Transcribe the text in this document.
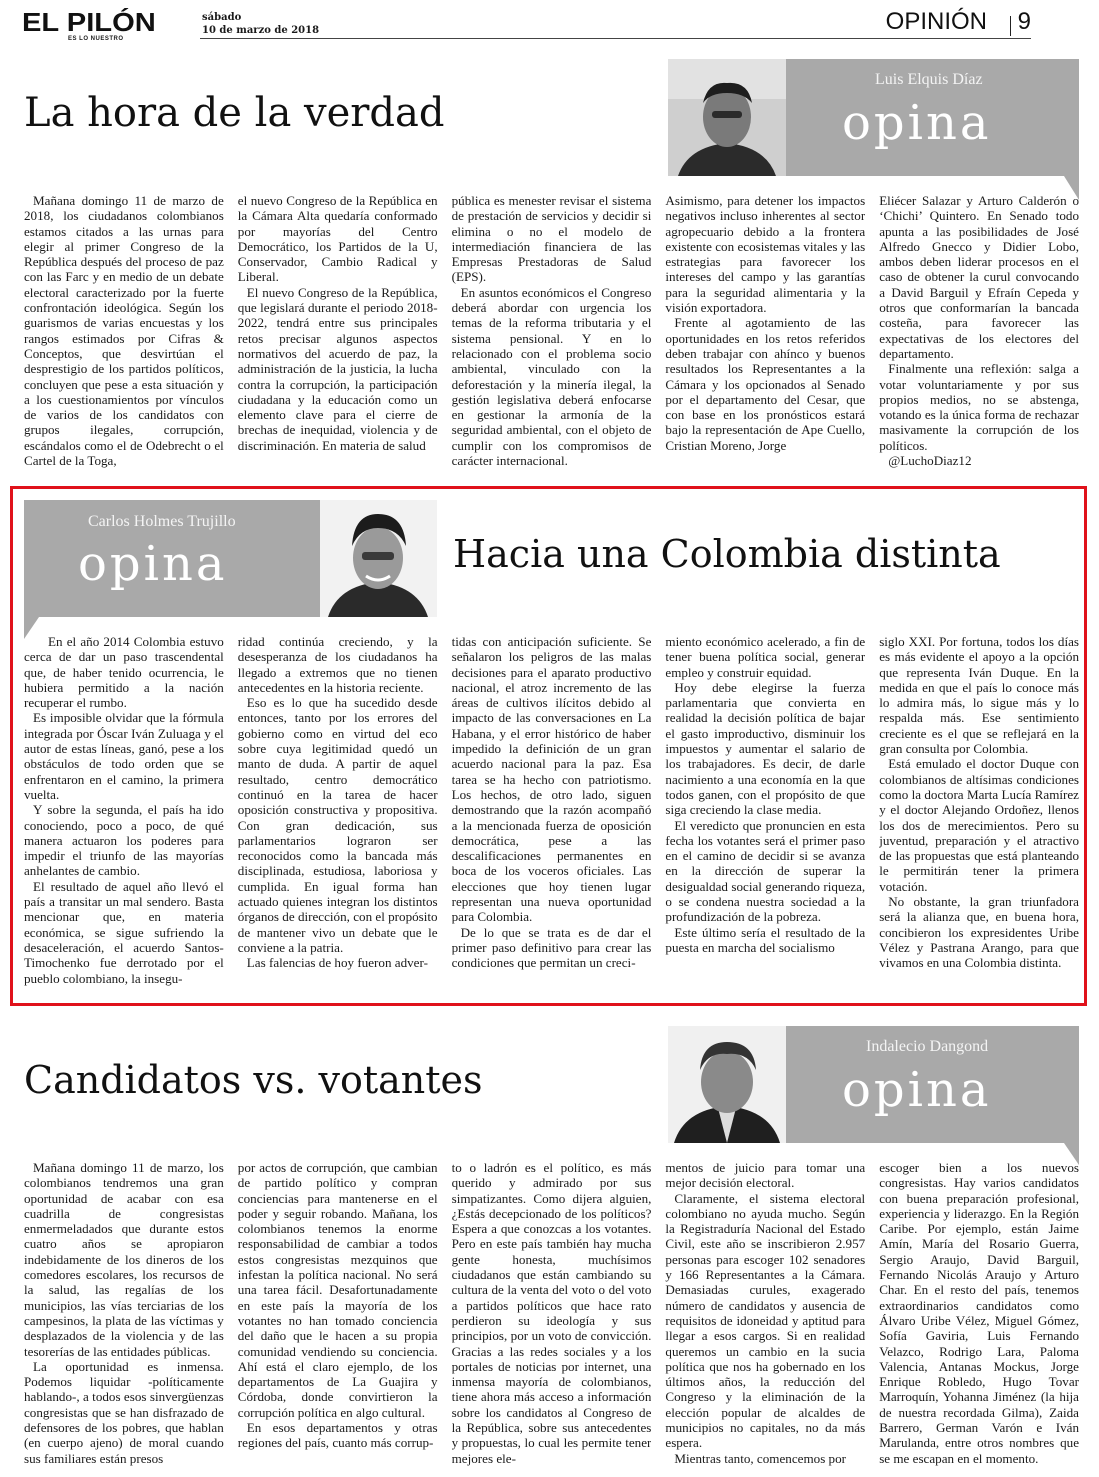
EL PILÓN
ES LO NUESTRO
sábado
10 de marzo de 2018	OPINIÓN 9
La hora de la verdad
Luis Elquis Díaz
opina

Mañana domingo 11 de marzo de 2018, los ciudadanos colombianos estamos citados a las urnas para elegir al primer Congreso de la República después del proceso de paz con las Farc y en medio de un debate electoral caracterizado por la fuerte confrontación ideológica. Según los guarismos de varias encuestas y los rangos estimados por Cifras & Conceptos, que desvirtúan el desprestigio de los partidos políticos, concluyen que pese a esta situación y a los cuestionamientos por vínculos de varios de los candidatos con grupos ilegales, corrupción, escándalos como el de Odebrecht o el Cartel de la Toga,

el nuevo Congreso de la República en la Cámara Alta quedaría conformado por mayorías del Centro Democrático, los Partidos de la U, Conservador, Cambio Radical y Liberal.

El nuevo Congreso de la República, que legislará durante el periodo 2018-2022, tendrá entre sus principales retos precisar algunos aspectos normativos del acuerdo de paz, la administración de la justicia, la lucha contra la corrupción, la participación ciudadana y la educación como un elemento clave para el cierre de brechas de inequidad, violencia y de discriminación. En materia de salud

pública es menester revisar el sistema de prestación de servicios y decidir si elimina o no el modelo de intermediación financiera de las Empresas Prestadoras de Salud (EPS).

En asuntos económicos el Congreso deberá abordar con urgencia los temas de la reforma tributaria y el sistema pensional. Y en lo relacionado con el problema socio ambiental, vinculado con la deforestación y la minería ilegal, la gestión legislativa deberá enfocarse en gestionar la armonía de la seguridad ambiental, con el objeto de cumplir con los compromisos de carácter internacional.

Asimismo, para detener los impactos negativos incluso inherentes al sector agropecuario debido a la frontera existente con ecosistemas vitales y las estrategias para favorecer los intereses del campo y las garantías para la seguridad alimentaria y la visión exportadora.

Frente al agotamiento de las oportunidades en los retos referidos deben trabajar con ahínco y buenos resultados los Representantes a la Cámara y los opcionados al Senado por el departamento del Cesar, que con base en los pronósticos estará bajo la representación de Ape Cuello, Cristian Moreno, Jorge

Eliécer Salazar y Arturo Calderón o ‘Chichi’ Quintero. En Senado todo apunta a las posibilidades de José Alfredo Gnecco y Didier Lobo, ambos deben liderar procesos en el caso de obtener la curul convocando a David Barguil y Efraín Cepeda y otros que conformarían la bancada costeña, para favorecer las expectativas de los electores del departamento.

Finalmente una reflexión: salga a votar voluntariamente y por sus propios medios, no se abstenga, votando es la única forma de rechazar masivamente la corrupción de los políticos.

@LuchoDiaz12

Carlos Holmes Trujillo
opina	Hacia una Colombia distinta

En el año 2014 Colombia estuvo cerca de dar un paso trascendental que, de haber tenido ocurrencia, le hubiera permitido a la nación recuperar el rumbo.

Es imposible olvidar que la fórmula integrada por Óscar Iván Zuluaga y el autor de estas líneas, ganó, pese a los obstáculos de todo orden que se enfrentaron en el camino, la primera vuelta.

Y sobre la segunda, el país ha ido conociendo, poco a poco, de qué manera actuaron los poderes para impedir el triunfo de las mayorías anhelantes de cambio.

El resultado de aquel año llevó el país a transitar un mal sendero. Basta mencionar que, en materia económica, se sigue sufriendo la desaceleración, el acuerdo Santos-Timochenko fue derrotado por el pueblo colombiano, la insegu-

ridad continúa creciendo, y la desesperanza de los ciudadanos ha llegado a extremos que no tienen antecedentes en la historia reciente.

Eso es lo que ha sucedido desde entonces, tanto por los errores del gobierno como en virtud del eco sobre cuya legitimidad quedó un manto de duda. A partir de aquel resultado, centro democrático continuó en la tarea de hacer oposición constructiva y propositiva. Con gran dedicación, sus parlamentarios lograron ser reconocidos como la bancada más disciplinada, estudiosa, laboriosa y cumplida. En igual forma han actuado quienes integran los distintos órganos de dirección, con el propósito de mantener vivo un debate que le conviene a la patria.

Las falencias de hoy fueron adver-

tidas con anticipación suficiente. Se señalaron los peligros de las malas decisiones para el aparato productivo nacional, el atroz incremento de las áreas de cultivos ilícitos debido al impacto de las conversaciones en La Habana, y el error histórico de haber impedido la definición de un gran acuerdo nacional para la paz. Esa tarea se ha hecho con patriotismo. Los hechos, de otro lado, siguen demostrando que la razón acompañó a la mencionada fuerza de oposición democrática, pese a las descalificaciones permanentes en boca de los voceros oficiales. Las elecciones que hoy tienen lugar representan una nueva oportunidad para Colombia.

De lo que se trata es de dar el primer paso definitivo para crear las condiciones que permitan un creci-

miento económico acelerado, a fin de tener buena política social, generar empleo y construir equidad.

Hoy debe elegirse la fuerza parlamentaria que convierta en realidad la decisión política de bajar el gasto improductivo, disminuir los impuestos y aumentar el salario de los trabajadores. Es decir, de darle nacimiento a una economía en la que todos ganen, con el propósito de que siga creciendo la clase media.

El veredicto que pronuncien en esta fecha los votantes será el primer paso en el camino de decidir si se avanza en la dirección de superar la desigualdad social generando riqueza, o se condena nuestra sociedad a la profundización de la pobreza.

Este último sería el resultado de la puesta en marcha del socialismo

siglo XXI. Por fortuna, todos los días es más evidente el apoyo a la opción que representa Iván Duque. En la medida en que el país lo conoce más lo admira más, lo sigue más y lo respalda más. Ese sentimiento creciente es el que se reflejará en la gran consulta por Colombia.

Está emulado el doctor Duque con colombianos de altísimas condiciones como la doctora Marta Lucía Ramírez y el doctor Alejando Ordoñez, llenos los dos de merecimientos. Pero su juventud, preparación y el atractivo de las propuestas que está planteando le permitirán tener la primera votación.

No obstante, la gran triunfadora será la alianza que, en buena hora, concibieron los expresidentes Uribe Vélez y Pastrana Arango, para que vivamos en una Colombia distinta.

Candidatos vs. votantes
Indalecio Dangond
opina

Mañana domingo 11 de marzo, los colombianos tendremos una gran oportunidad de acabar con esa cuadrilla de congresistas enmermeladados que durante estos cuatro años se apropiaron indebidamente de los dineros de los comedores escolares, los recursos de la salud, las regalías de los municipios, las vías terciarias de los campesinos, la plata de las víctimas y desplazados de la violencia y de las tesorerías de las entidades públicas.

La oportunidad es inmensa. Podemos liquidar -políticamente hablando-, a todos esos sinvergüenzas congresistas que se han disfrazado de defensores de los pobres, que hablan (en cuerpo ajeno) de moral cuando sus familiares están presos

por actos de corrupción, que cambian de partido político y compran conciencias para mantenerse en el poder y seguir robando. Mañana, los colombianos tenemos la enorme responsabilidad de cambiar a todos estos congresistas mezquinos que infestan la política nacional. No será una tarea fácil. Desafortunadamente en este país la mayoría de los votantes no han tomado conciencia del daño que le hacen a su propia comunidad vendiendo su conciencia. Ahí está el claro ejemplo, de los departamentos de La Guajira y Córdoba, donde convirtieron la corrupción política en algo cultural.

En esos departamentos y otras regiones del país, cuanto más corrup-

to o ladrón es el político, es más querido y admirado por sus simpatizantes. Como dijera alguien, ¿Estás decepcionado de los políticos? Espera a que conozcas a los votantes. Pero en este país también hay mucha gente honesta, muchísimos ciudadanos que están cambiando su cultura de la venta del voto o del voto a partidos políticos que hace rato perdieron su ideología y sus principios, por un voto de convicción. Gracias a las redes sociales y a los portales de noticias por internet, una inmensa mayoría de colombianos, tiene ahora más acceso a información sobre los candidatos al Congreso de la República, sobre sus antecedentes y propuestas, lo cual les permite tener mejores ele-

mentos de juicio para tomar una mejor decisión electoral.

Claramente, el sistema electoral colombiano no ayuda mucho. Según la Registraduría Nacional del Estado Civil, este año se inscribieron 2.957 personas para escoger 102 senadores y 166 Representantes a la Cámara. Demasiadas curules, exagerado número de candidatos y ausencia de requisitos de idoneidad y aptitud para llegar a esos cargos. Si en realidad queremos un cambio en la sucia política que nos ha gobernado en los últimos años, la reducción del Congreso y la eliminación de la elección popular de alcaldes de municipios no capitales, no da más espera.

Mientras tanto, comencemos por

escoger bien a los nuevos congresistas. Hay varios candidatos con buena preparación profesional, experiencia y liderazgo. En la Región Caribe. Por ejemplo, están Jaime Amín, María del Rosario Guerra, Sergio Araujo, David Barguil, Fernando Nicolás Araujo y Arturo Char. En el resto del país, tenemos extraordinarios candidatos como Álvaro Uribe Vélez, Miguel Gómez, Sofía Gaviria, Luis Fernando Velazco, Rodrigo Lara, Paloma Valencia, Antanas Mockus, Jorge Enrique Robledo, Hugo Tovar Marroquín, Yohanna Jiménez (la hija de nuestra recordada Gilma), Zaida Barrero, German Varón e Iván Marulanda, entre otros nombres que se me escapan en el momento.
